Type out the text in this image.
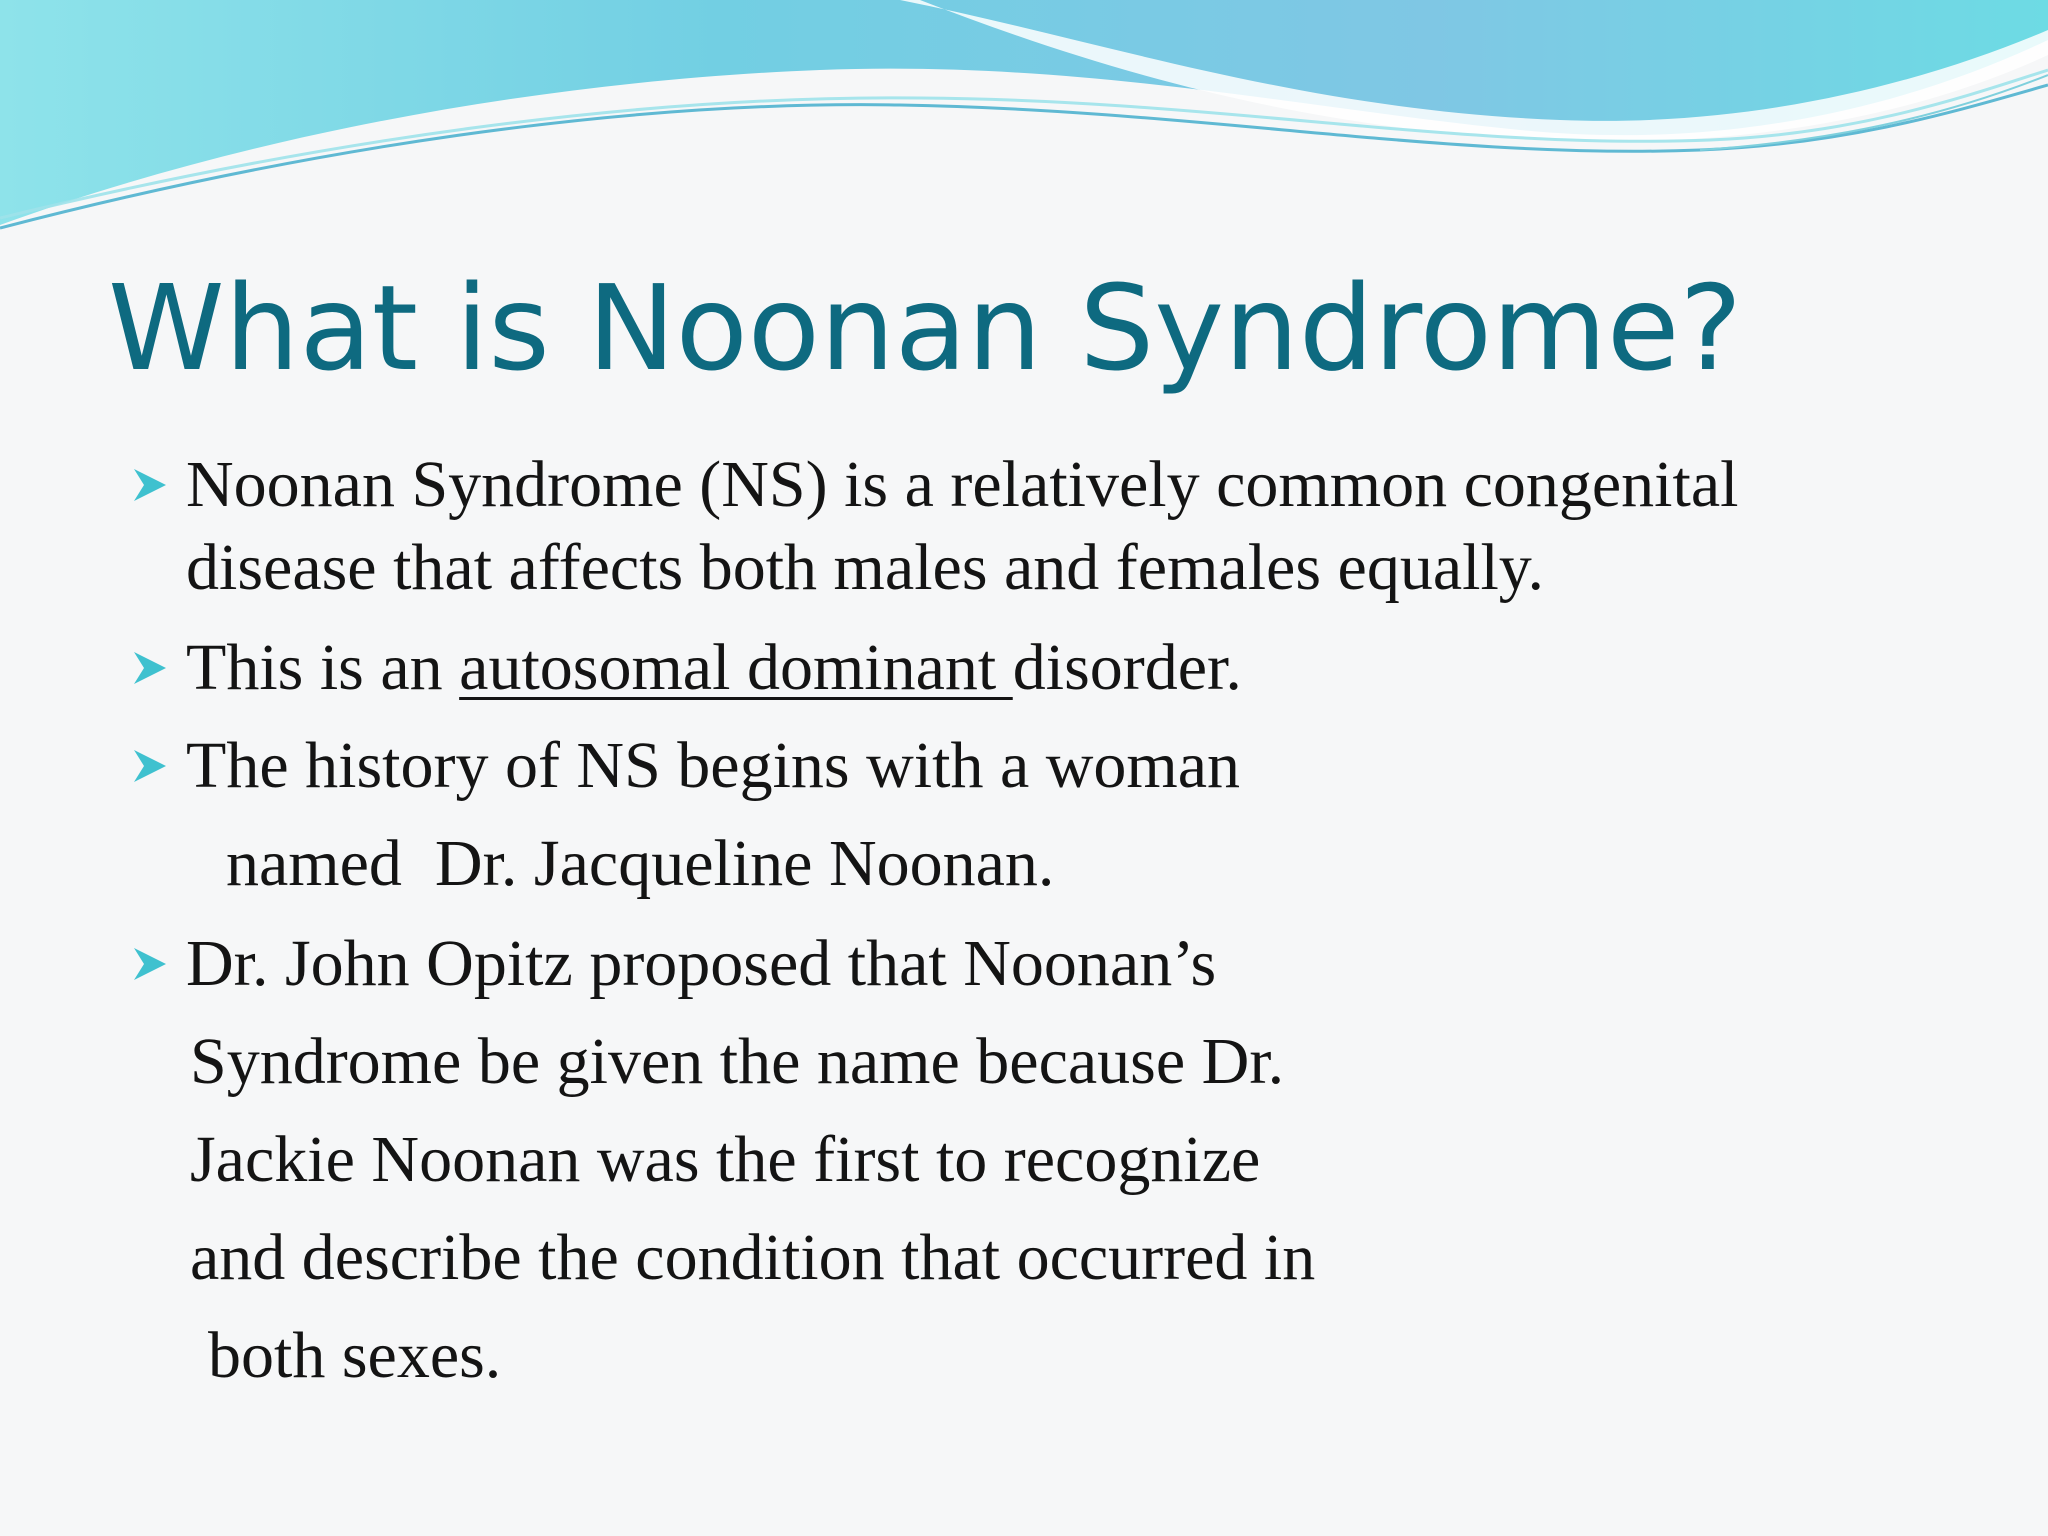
What is Noonan Syndrome?
Noonan Syndrome (NS) is a relatively common congenital
disease that affects both males and females equally.
This is an autosomal dominant disorder.
The history of NS begins with a woman
named  Dr. Jacqueline Noonan.
Dr. John Opitz proposed that Noonan’s
Syndrome be given the name because Dr.
Jackie Noonan was the first to recognize
and describe the condition that occurred in
both sexes.
